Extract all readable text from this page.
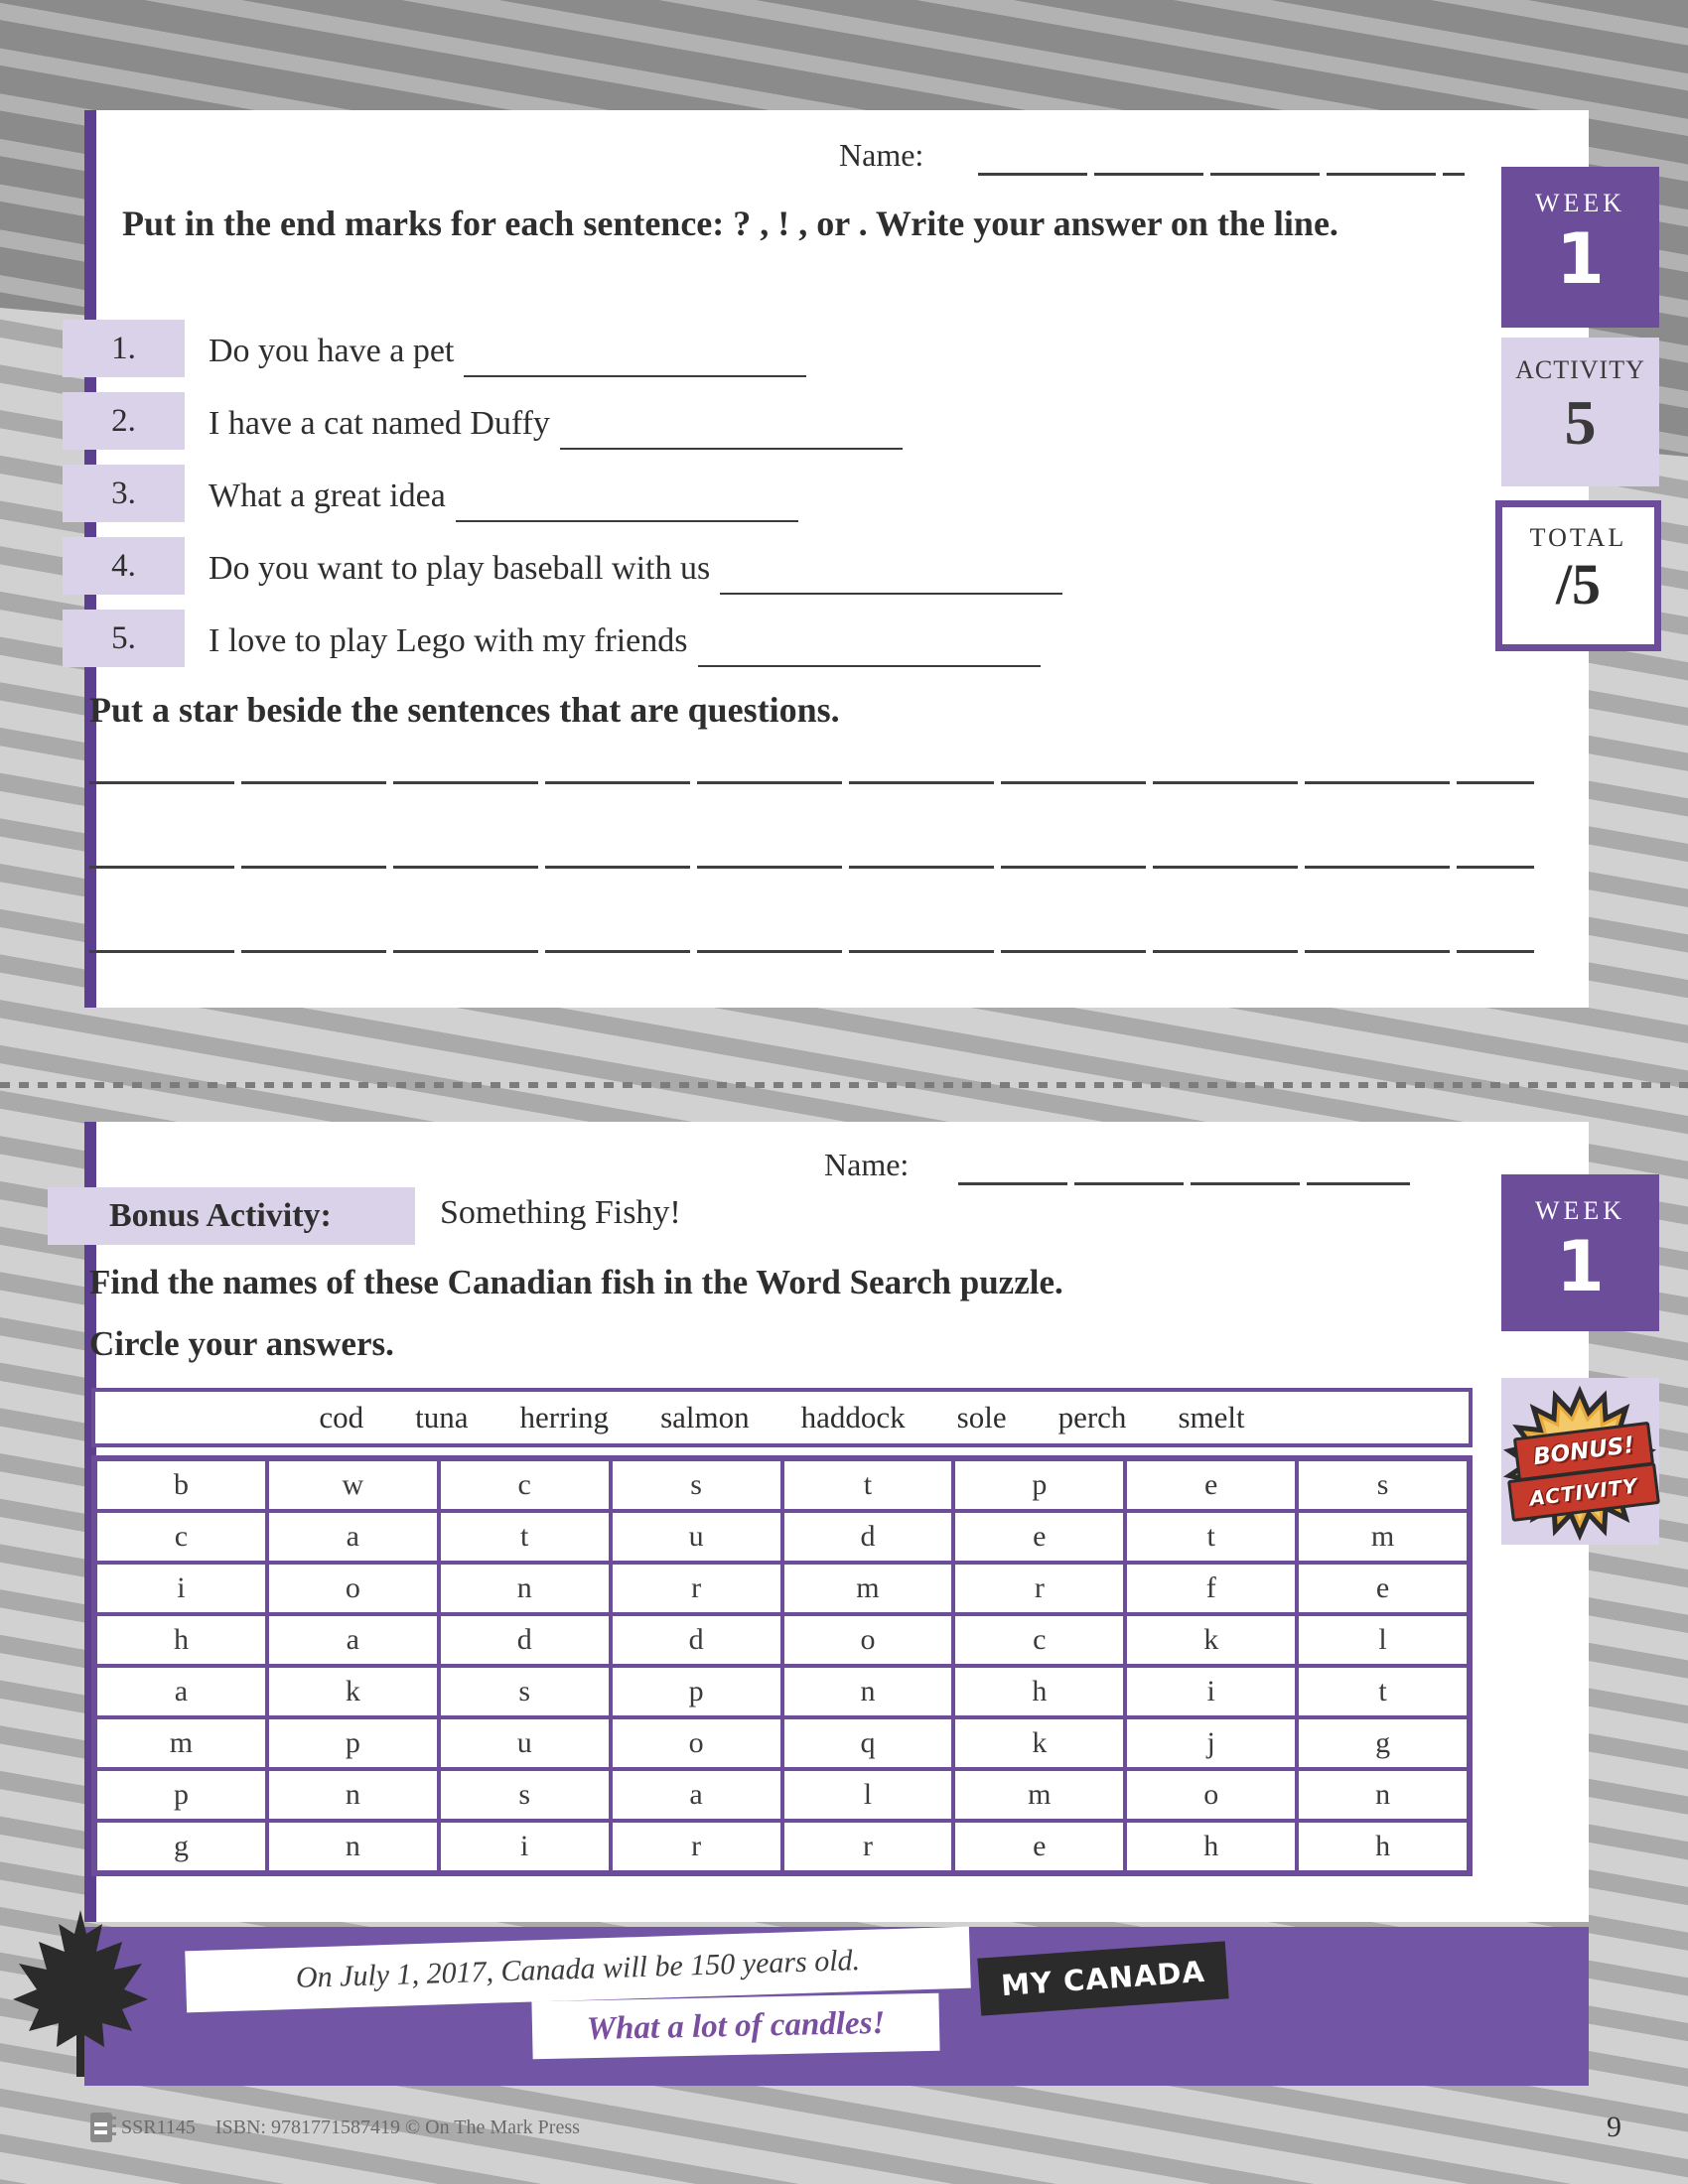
Name:
Put in the end marks for each sentence: ? , ! , or . Write your answer on the line.
1.	Do you have a pet
2.	I have a cat named Duffy
3.	What a great idea
4.	Do you want to play baseball with us
5.	I love to play Lego with my friends
Put a star beside the sentences that are questions.
WEEK
1
ACTIVITY
5
TOTAL
/5
Name:
Bonus Activity:	Something Fishy!
Find the names of these Canadian fish in the Word Search puzzle.
Circle your answers.
cod tuna herring salmon haddock sole perch smelt
b	w	c	s	t	p	e	s
c	a	t	u	d	e	t	m
i	o	n	r	m	r	f	e
h	a	d	d	o	c	k	l
a	k	s	p	n	h	i	t
m	p	u	o	q	k	j	g
p	n	s	a	l	m	o	n
g	n	i	r	r	e	h	h
WEEK
1
BONUS!
ACTIVITY
On July 1, 2017, Canada will be 150 years old.
What a lot of candles!
MY CANADA
SSR1145    ISBN: 9781771587419 © On The Mark Press	9
